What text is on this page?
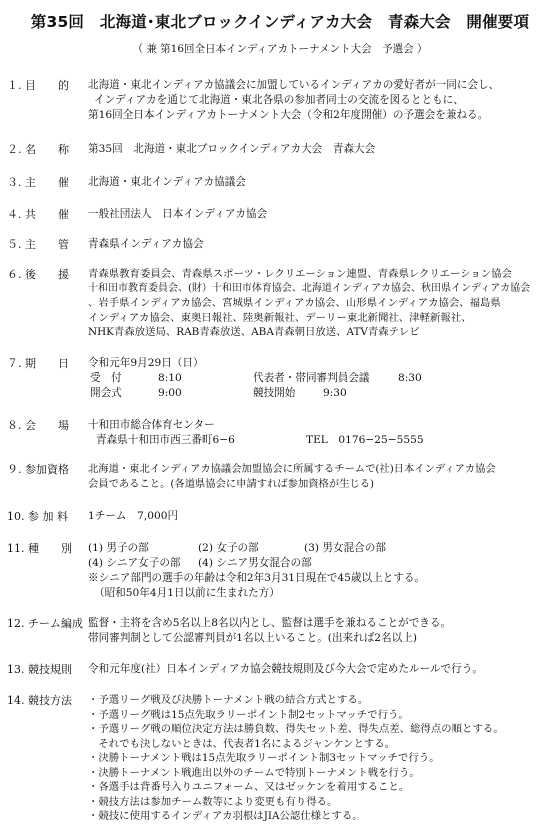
第35回　北海道･東北ブロックインディアカ大会　青森大会　開催要項
（ 兼 第16回全日本インディアカトーナメント大会　予選会 ）
１. 目　　的	北海道・東北インディアカ協議会に加盟しているインディアカの愛好者が一同に会し、
インディアカを通じて北海道・東北各県の参加者同士の交流を図るとともに、
第16回全日本インディアカトーナメント大会（令和2年度開催）の予選会を兼ねる。
２. 名　　称	第35回　北海道・東北ブロックインディアカ大会　青森大会
３. 主　　催	北海道・東北インディアカ協議会
４. 共　　催	一般社団法人　日本インディアカ協会
５. 主　　管	青森県インディアカ協会
６. 後　　援	青森県教育委員会、青森県スポーツ・レクリエーション連盟、青森県レクリエーション協会
十和田市教育委員会、(財）十和田市体育協会、北海道インディアカ協会、秋田県インディアカ協会
、岩手県インディアカ協会、宮城県インディアカ協会、山形県インディアカ協会、福島県
インディアカ協会、東奥日報社、陸奥新報社、デーリー東北新聞社、津軽新報社、
NHK青森放送局、RAB青森放送、ABA青森朝日放送、ATV青森テレビ
７. 期　　日	令和元年9月29日（日）
受　付	8:10	代表者・帯同審判員会議	8:30
開会式	9:00	競技開始	9:30
８. 会　　場	十和田市総合体育センター
青森県十和田市西三番町6−6	TEL　0176−25−5555
９. 参加資格	北海道・東北インディアカ協議会加盟協会に所属するチームで(社)日本インディアカ協会
会員であること。(各道県協会に申請すれば参加資格が生じる)
10. 参 加 料	1チーム　7,000円
11. 種　　別	(1) 男子の部	(2) 女子の部	(3) 男女混合の部
(4) シニア女子の部 (4) シニア男女混合の部
※シニア部門の選手の年齢は令和2年3月31日現在で45歳以上とする。
（昭和50年4月1日以前に生まれた方）
12. チーム編成 監督・主将を含め5名以上8名以内とし、監督は選手を兼ねることができる。
帯同審判制として公認審判員が1名以上いること。(出来れば2名以上)
13. 競技規則	令和元年度(社）日本インディアカ協会競技規則及び今大会で定めたルールで行う。
14. 競技方法	・予選リーグ戦及び決勝トーナメント戦の結合方式とする。
・予選リーグ戦は15点先取ラリーポイント制2セットマッチで行う。
・予選リーグ戦の順位決定方法は勝負数、得失セット差、得失点差、総得点の順とする。
　それでも決しないときは、代表者1名によるジャンケンとする。
・決勝トーナメント戦は15点先取ラリーポイント制3セットマッチで行う。
・決勝トーナメント戦進出以外のチームで特別トーナメント戦を行う。
・各選手は背番号入りユニフォーム、又はゼッケンを着用すること。
・競技方法は参加チーム数等により変更も有り得る。
・競技に使用するインディアカ羽根はJIA公認仕様とする。
